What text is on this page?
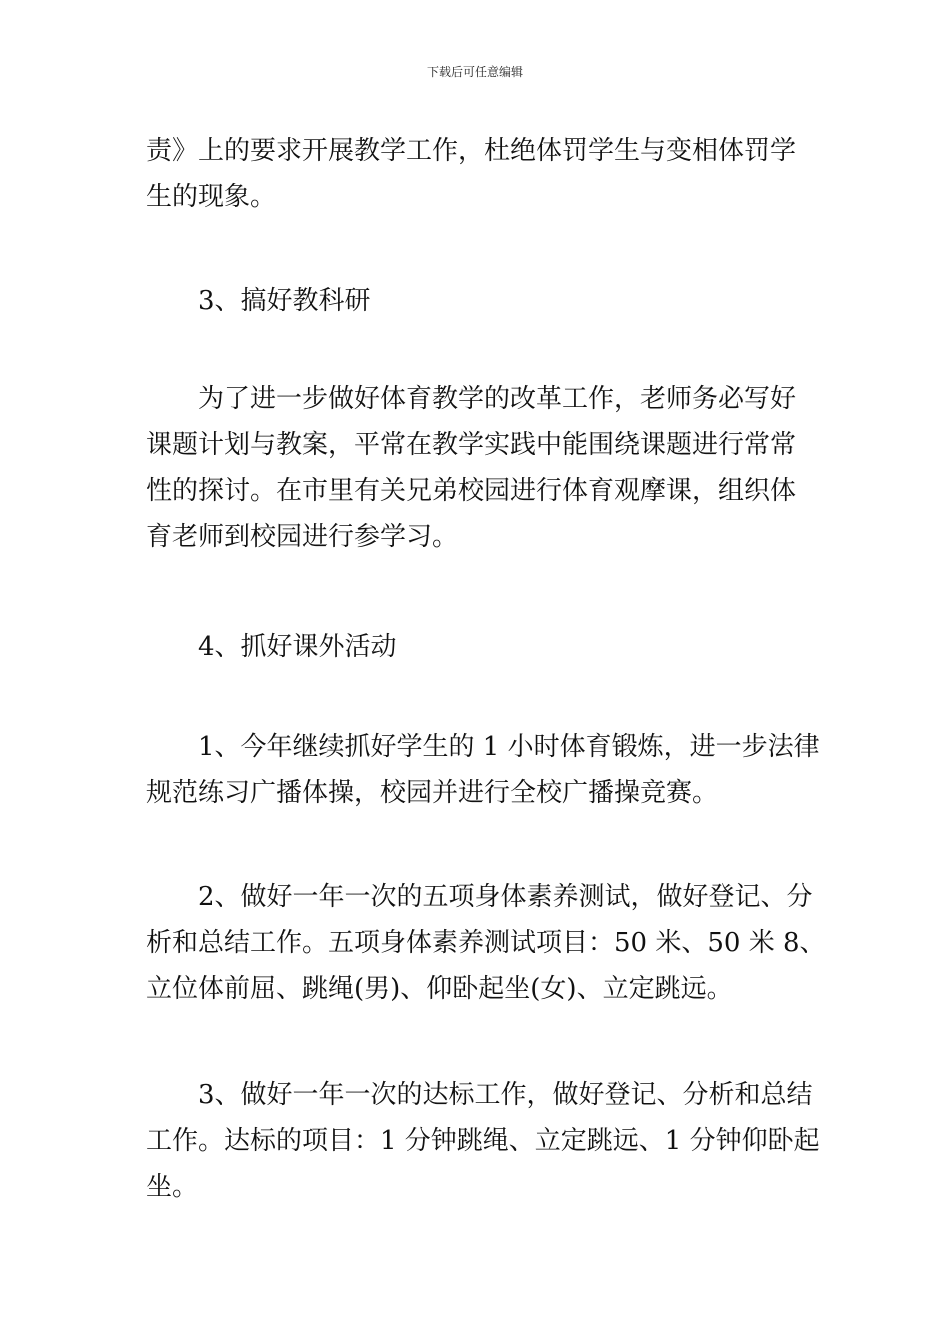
下载后可任意编辑

责》上的要求开展教学工作，杜绝体罚学生与变相体罚学
生的现象。

3、搞好教科研

为了进一步做好体育教学的改革工作，老师务必写好
课题计划与教案，平常在教学实践中能围绕课题进行常常
性的探讨。在市里有关兄弟校园进行体育观摩课，组织体
育老师到校园进行参学习。

4、抓好课外活动

1、今年继续抓好学生的 1 小时体育锻炼，进一步法律
规范练习广播体操，校园并进行全校广播操竞赛。

2、做好一年一次的五项身体素养测试，做好登记、分
析和总结工作。五项身体素养测试项目：50 米、50 米 8、
立位体前屈、跳绳(男)、仰卧起坐(女)、立定跳远。

3、做好一年一次的达标工作，做好登记、分析和总结
工作。达标的项目：1 分钟跳绳、立定跳远、1 分钟仰卧起
坐。
